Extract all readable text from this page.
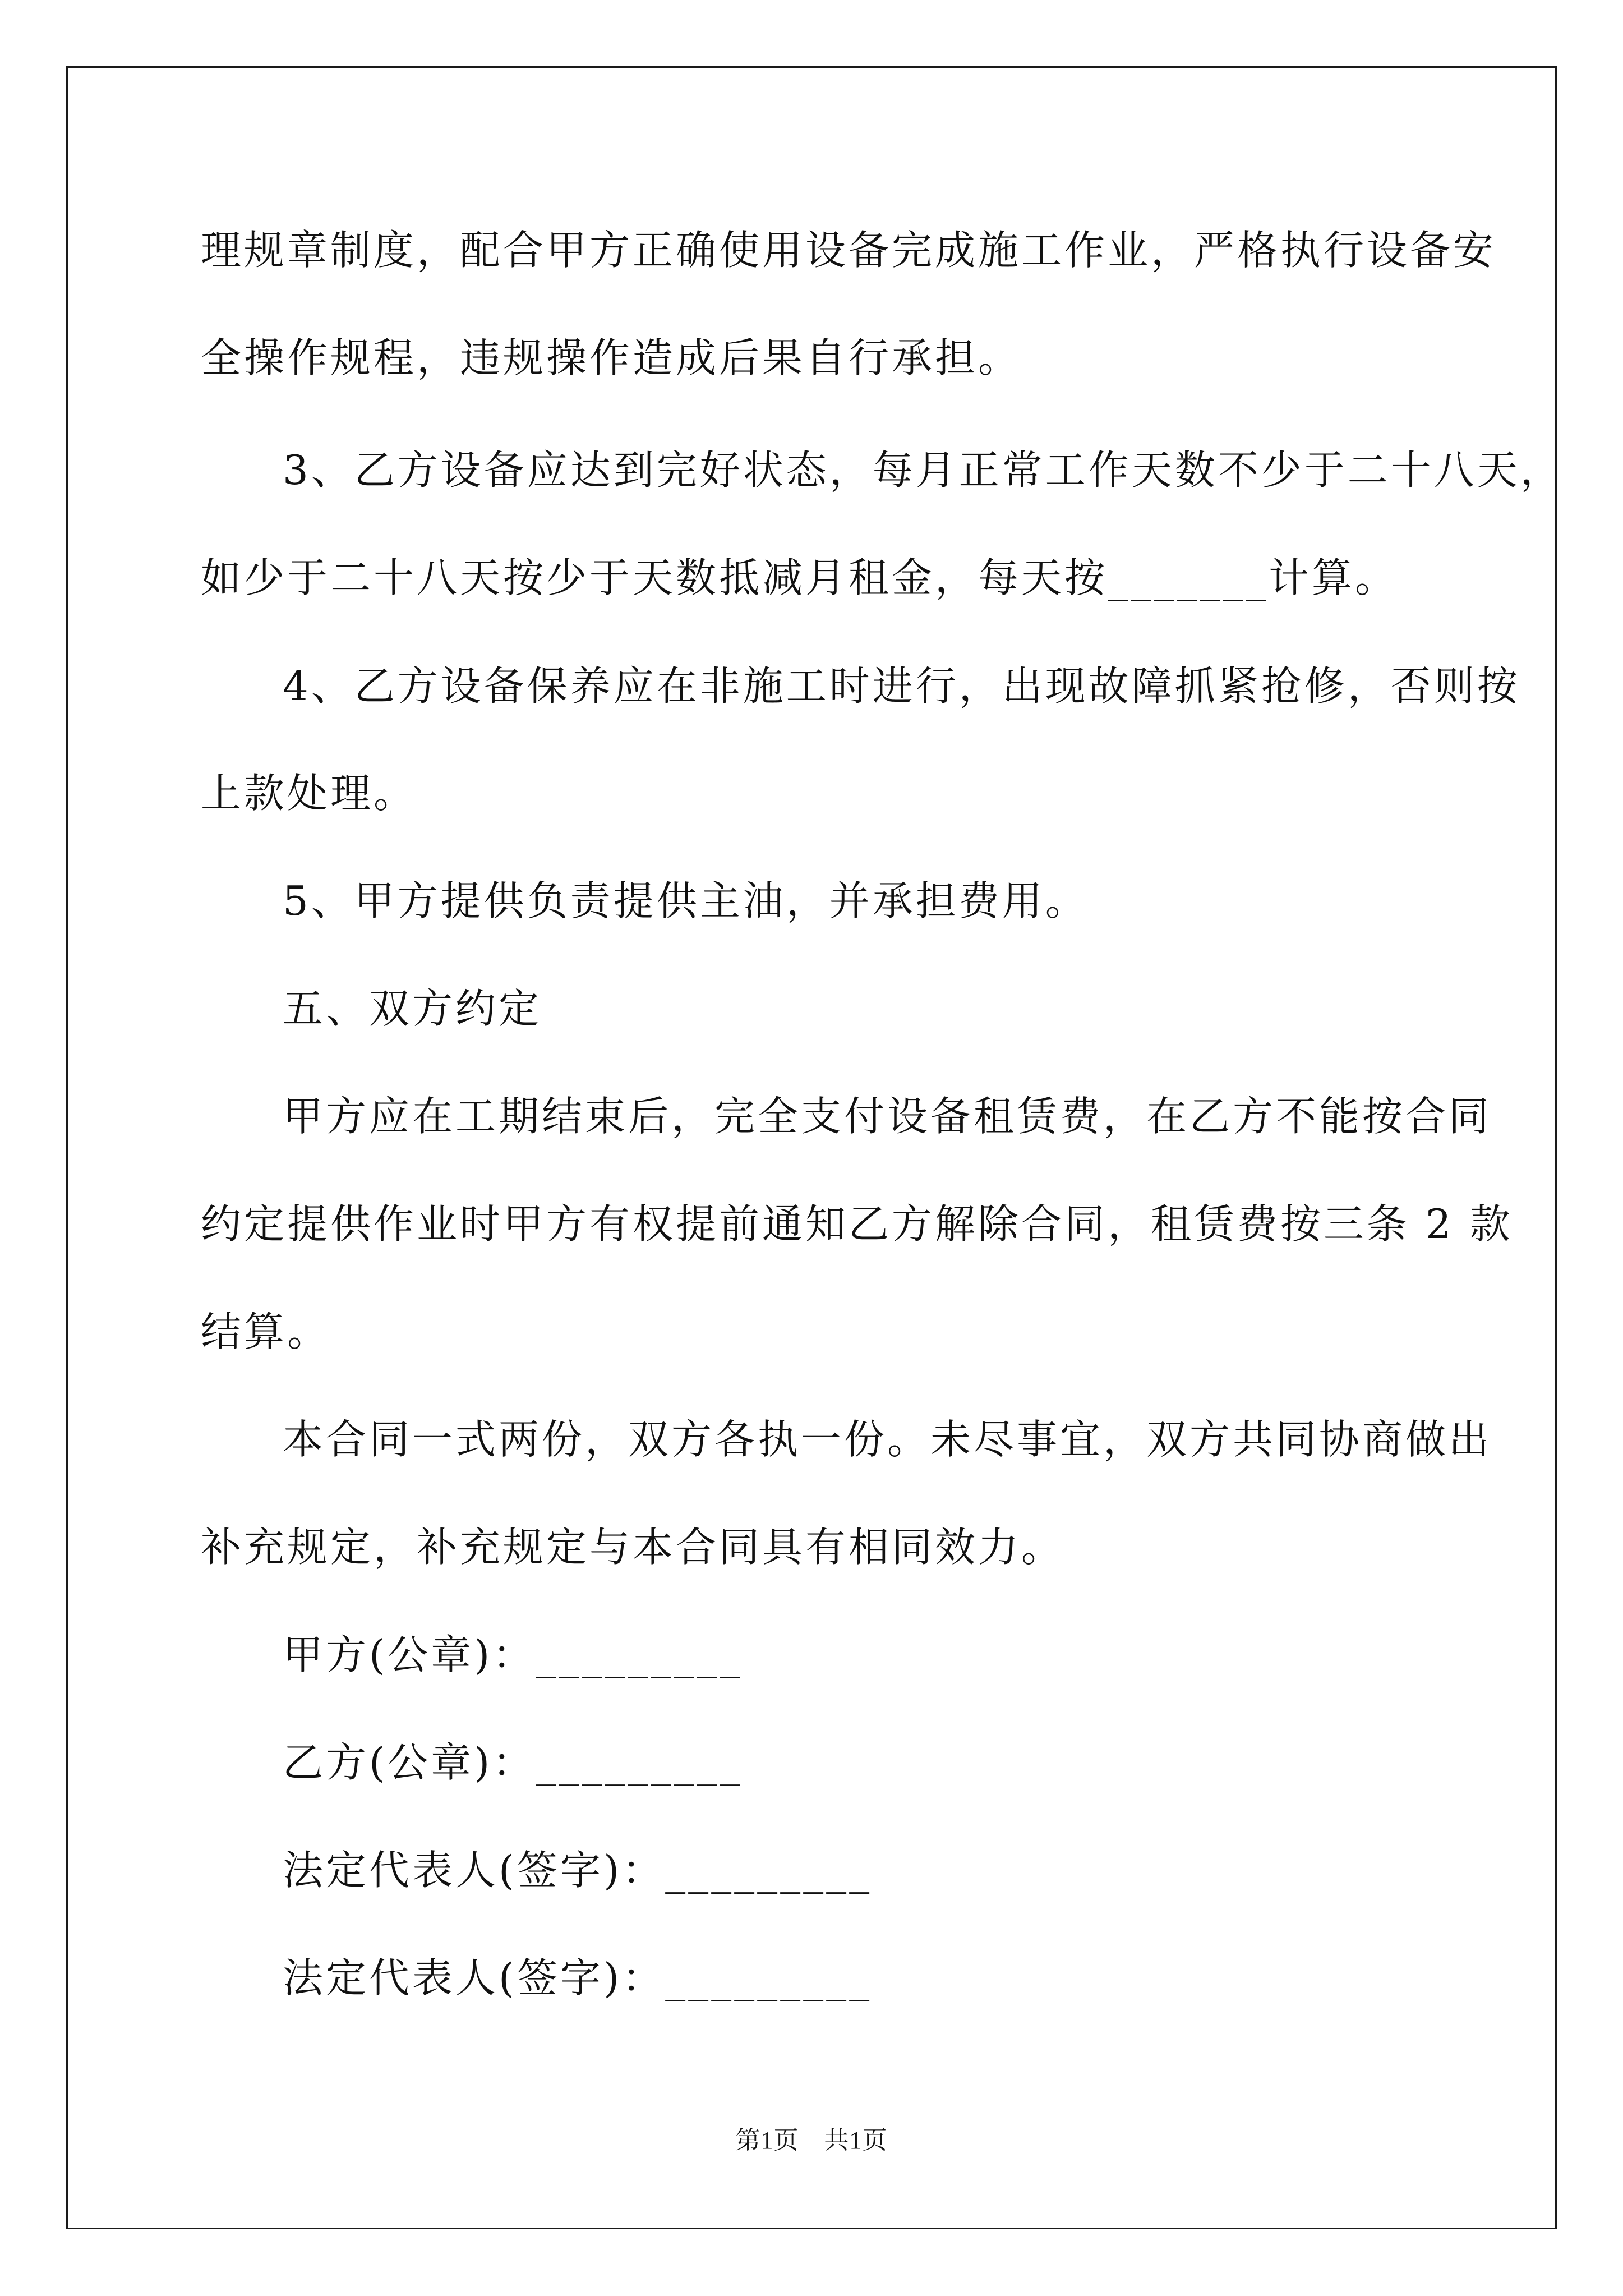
理规章制度，配合甲方正确使用设备完成施工作业，严格执行设备安
全操作规程，违规操作造成后果自行承担。
3、乙方设备应达到完好状态，每月正常工作天数不少于二十八天，
如少于二十八天按少于天数抵减月租金，每天按_______计算。
4、乙方设备保养应在非施工时进行，出现故障抓紧抢修，否则按
上款处理。
5、甲方提供负责提供主油，并承担费用。
五、双方约定
甲方应在工期结束后，完全支付设备租赁费，在乙方不能按合同
约定提供作业时甲方有权提前通知乙方解除合同，租赁费按三条 2 款
结算。
本合同一式两份，双方各执一份。未尽事宜，双方共同协商做出
补充规定，补充规定与本合同具有相同效力。
甲方(公章)：_________
乙方(公章)：_________
法定代表人(签字)：_________
法定代表人(签字)：_________
第1页　共1页
